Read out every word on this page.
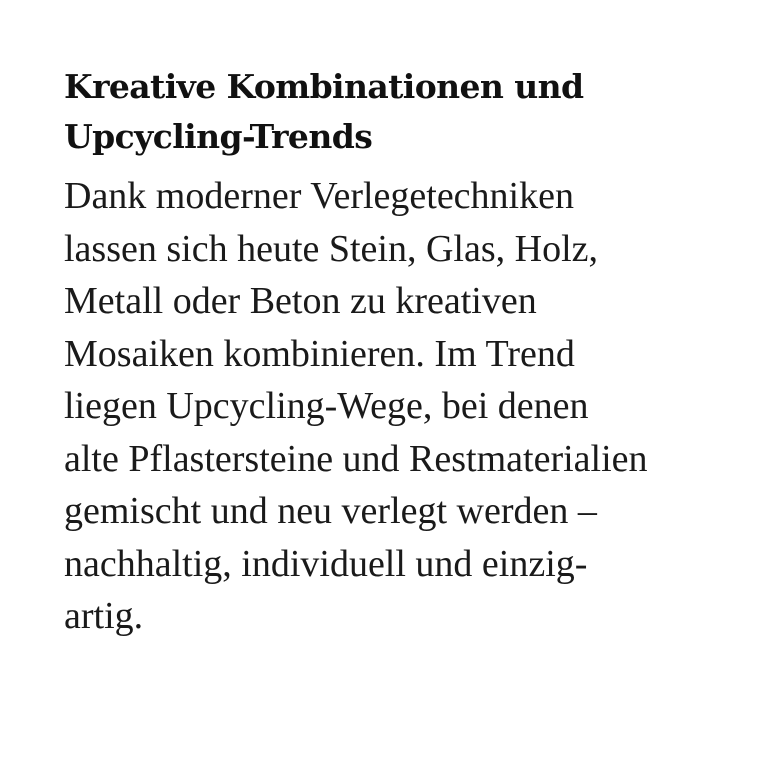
Kreative Kombinationen und
Upcycling-Trends

Dank moderner Verlegetechniken
lassen sich heute Stein, Glas, Holz,
Metall oder Beton zu kreativen
Mosaiken kombinieren. Im Trend
liegen Upcycling-Wege, bei denen
alte Pflastersteine und Restmaterialien
gemischt und neu verlegt werden –
nachhaltig, individuell und einzig-
artig.
